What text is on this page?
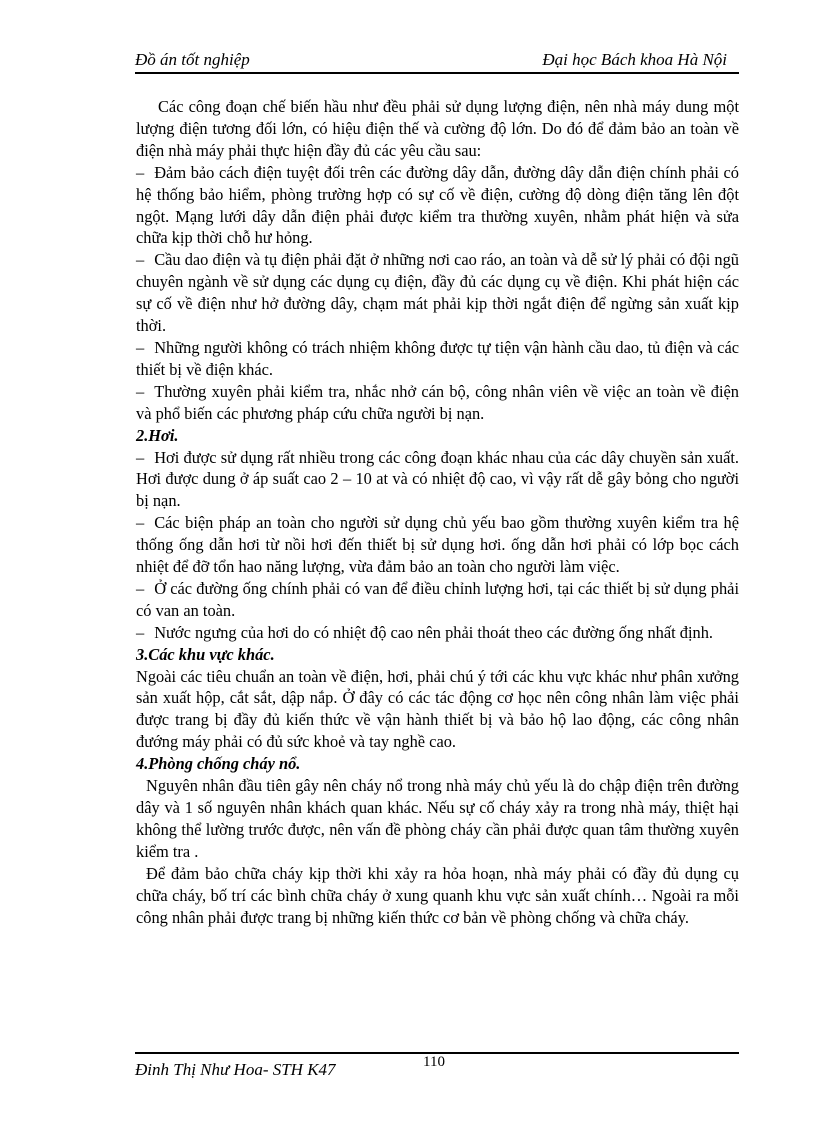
Đồ án tốt nghiệp	Đại học Bách khoa Hà Nội

Các công đoạn chế biến hầu như đều phải sử dụng lượng điện, nên nhà máy dung một lượng điện tương đối lớn, có hiệu điện thế và cường độ lớn. Do đó để đảm bảo an toàn về điện nhà máy phải thực hiện đầy đủ các yêu cầu sau:

– Đảm bảo cách điện tuyệt đối trên các đường dây dẫn, đường dây dẫn điện chính phải có hệ thống bảo hiểm, phòng trường hợp có sự cố về điện, cường độ dòng điện tăng lên đột ngột. Mạng lưới dây dẫn điện phải được kiểm tra thường xuyên, nhằm phát hiện và sửa chữa kịp thời chỗ hư hỏng.

– Cầu dao điện và tụ điện phải đặt ở những nơi cao ráo, an toàn và dễ sử lý phải có đội ngũ chuyên ngành về sử dụng các dụng cụ điện, đầy đủ các dụng cụ về điện. Khi phát hiện các sự cố về điện như hở đường dây, chạm mát phải kịp thời ngắt điện để ngừng sản xuất kịp thời.

– Những người không có trách nhiệm không được tự tiện vận hành cầu dao, tủ điện và các thiết bị về điện khác.

– Thường xuyên phải kiểm tra, nhắc nhở cán bộ, công nhân viên về việc an toàn về điện và phổ biến các phương pháp cứu chữa người bị nạn.

2.Hơi.

– Hơi được sử dụng rất nhiều trong các công đoạn khác nhau của các dây chuyền sản xuất. Hơi được dung ở áp suất cao 2 – 10 at và có nhiệt độ cao, vì vậy rất dễ gây bỏng cho người bị nạn.

– Các biện pháp an toàn cho người sử dụng chủ yếu bao gồm thường xuyên kiểm tra hệ thống ống dẫn hơi từ nồi hơi đến thiết bị sử dụng hơi. ống dẫn hơi phải có lớp bọc cách nhiệt để đỡ tổn hao năng lượng, vừa đảm bảo an toàn cho người làm việc.

– Ở các đường ống chính phải có van để điều chỉnh lượng hơi, tại các thiết bị sử dụng phải có van an toàn.

– Nước ngưng của hơi do có nhiệt độ cao nên phải thoát theo các đường ống nhất định.

3.Các khu vực khác.

Ngoài các tiêu chuẩn an toàn về điện, hơi, phải chú ý tới các khu vực khác như phân xưởng sản xuất hộp, cắt sắt, dập nắp. Ở đây có các tác động cơ học nên công nhân làm việc phải được trang bị đầy đủ kiến thức về vận hành thiết bị và bảo hộ lao động, các công nhân đướng máy phải có đủ sức khoẻ và tay nghề cao.

4.Phòng chống cháy nổ.

Nguyên nhân đầu tiên gây nên cháy nổ trong nhà máy chủ yếu là do chập điện trên đường dây và 1 số nguyên nhân khách quan khác. Nếu sự cố cháy xảy ra trong nhà máy, thiệt hại không thể lường trước được, nên vấn đề phòng cháy cần phải được quan tâm thường xuyên kiểm tra .

Để đảm bảo chữa cháy kịp thời khi xảy ra hỏa hoạn, nhà máy phải có đầy đủ dụng cụ chữa cháy, bố trí các bình chữa cháy ở xung quanh khu vực sản xuất chính… Ngoài ra mỗi công nhân phải được trang bị những kiến thức cơ bản về phòng chống và chữa cháy.

Đinh Thị Như Hoa- STH K47	110
